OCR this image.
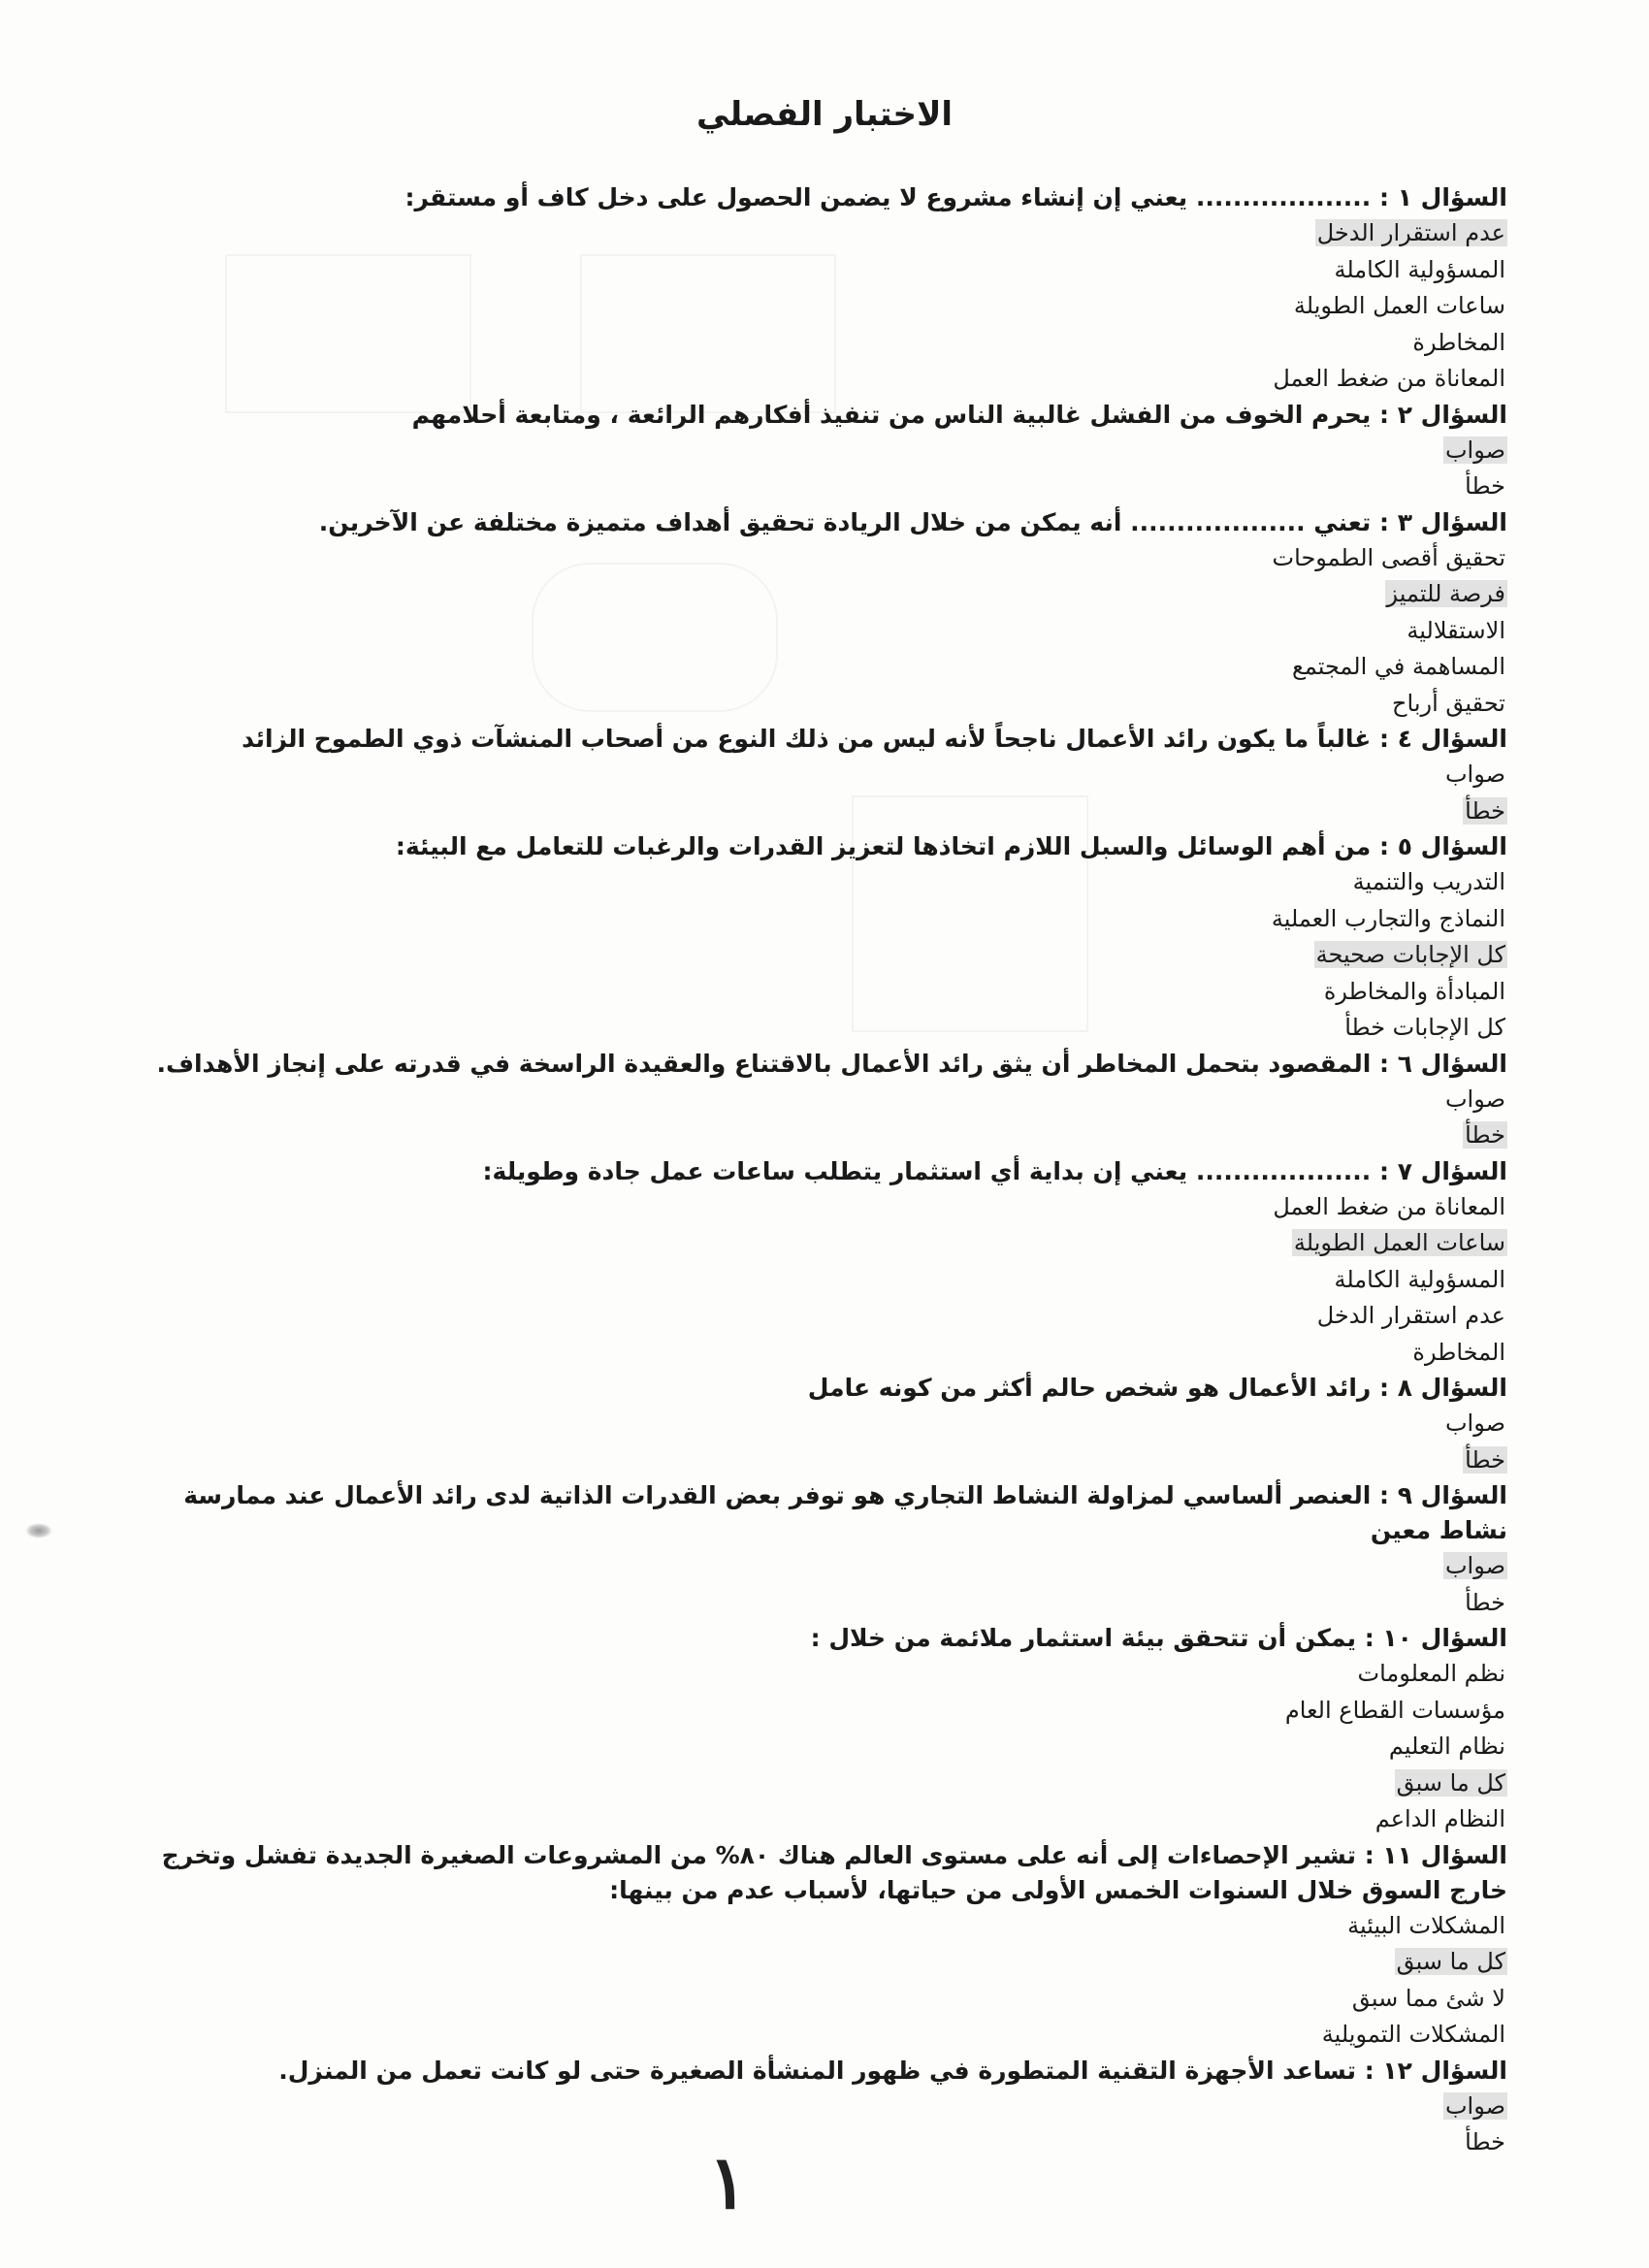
الاختبار الفصلي

السؤال ١ : ................... يعني إن إنشاء مشروع لا يضمن الحصول على دخل كاف أو مستقر:

عدم استقرار الدخل

المسؤولية الكاملة

ساعات العمل الطويلة

المخاطرة

المعاناة من ضغط العمل

السؤال ٢ : يحرم الخوف من الفشل غالبية الناس من تنفيذ أفكارهم الرائعة ، ومتابعة أحلامهم

صواب

خطأ

السؤال ٣ : تعني ................... أنه يمكن من خلال الريادة تحقيق أهداف متميزة مختلفة عن الآخرين.

تحقيق أقصى الطموحات

فرصة للتميز

الاستقلالية

المساهمة في المجتمع

تحقيق أرباح

السؤال ٤ : غالباً ما يكون رائد الأعمال ناجحاً لأنه ليس من ذلك النوع من أصحاب المنشآت ذوي الطموح الزائد

صواب

خطأ

السؤال ٥ : من أهم الوسائل والسبل اللازم اتخاذها لتعزيز القدرات والرغبات للتعامل مع البيئة:

التدريب والتنمية

النماذج والتجارب العملية

كل الإجابات صحيحة

المبادأة والمخاطرة

كل الإجابات خطأ

السؤال ٦ : المقصود بتحمل المخاطر أن يثق رائد الأعمال بالاقتناع والعقيدة الراسخة في قدرته على إنجاز الأهداف.

صواب

خطأ

السؤال ٧ : ................... يعني إن بداية أي استثمار يتطلب ساعات عمل جادة وطويلة:

المعاناة من ضغط العمل

ساعات العمل الطويلة

المسؤولية الكاملة

عدم استقرار الدخل

المخاطرة

السؤال ٨ : رائد الأعمال هو شخص حالم أكثر من كونه عامل

صواب

خطأ

السؤال ٩ : العنصر ألساسي لمزاولة النشاط التجاري هو توفر بعض القدرات الذاتية لدى رائد الأعمال عند ممارسة نشاط معين

صواب

خطأ

السؤال ١٠ : يمكن أن تتحقق بيئة استثمار ملائمة من خلال :

نظم المعلومات

مؤسسات القطاع العام

نظام التعليم

كل ما سبق

النظام الداعم

السؤال ١١ : تشير الإحصاءات إلى أنه على مستوى العالم هناك ٨٠% من المشروعات الصغيرة الجديدة تفشل وتخرج خارج السوق خلال السنوات الخمس الأولى من حياتها، لأسباب عدم من بينها:

المشكلات البيئية

كل ما سبق

لا شئ مما سبق

المشكلات التمويلية

السؤال ١٢ : تساعد الأجهزة التقنية المتطورة في ظهور المنشأة الصغيرة حتى لو كانت تعمل من المنزل.

صواب

خطأ

١
